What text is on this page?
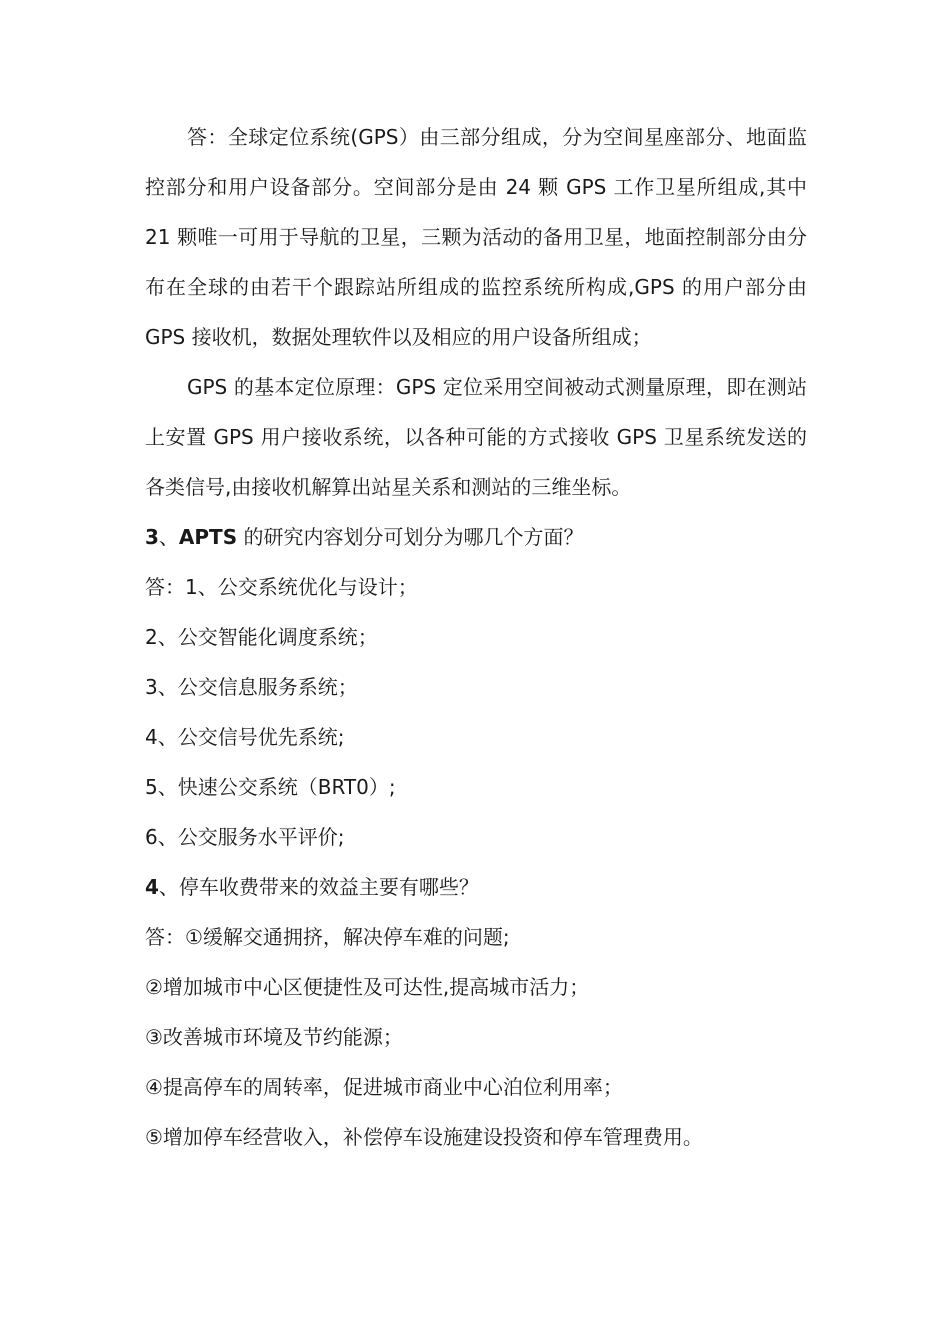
答：全球定位系统(GPS）由三部分组成，分为空间星座部分、地面监控部分和用户设备部分。空间部分是由 24 颗 GPS 工作卫星所组成,其中 21 颗唯一可用于导航的卫星，三颗为活动的备用卫星，地面控制部分由分布在全球的由若干个跟踪站所组成的监控系统所构成,GPS 的用户部分由 GPS 接收机，数据处理软件以及相应的用户设备所组成；

GPS 的基本定位原理：GPS 定位采用空间被动式测量原理，即在测站上安置 GPS 用户接收系统，以各种可能的方式接收 GPS 卫星系统发送的各类信号,由接收机解算出站星关系和测站的三维坐标。

3、APTS 的研究内容划分可划分为哪几个方面？

答：1、公交系统优化与设计；

2、公交智能化调度系统；

3、公交信息服务系统；

4、公交信号优先系统;

5、快速公交系统（BRT0）;

6、公交服务水平评价;

4、停车收费带来的效益主要有哪些？

答：①缓解交通拥挤，解决停车难的问题;

②增加城市中心区便捷性及可达性,提高城市活力；

③改善城市环境及节约能源；

④提高停车的周转率，促进城市商业中心泊位利用率；

⑤增加停车经营收入，补偿停车设施建设投资和停车管理费用。
